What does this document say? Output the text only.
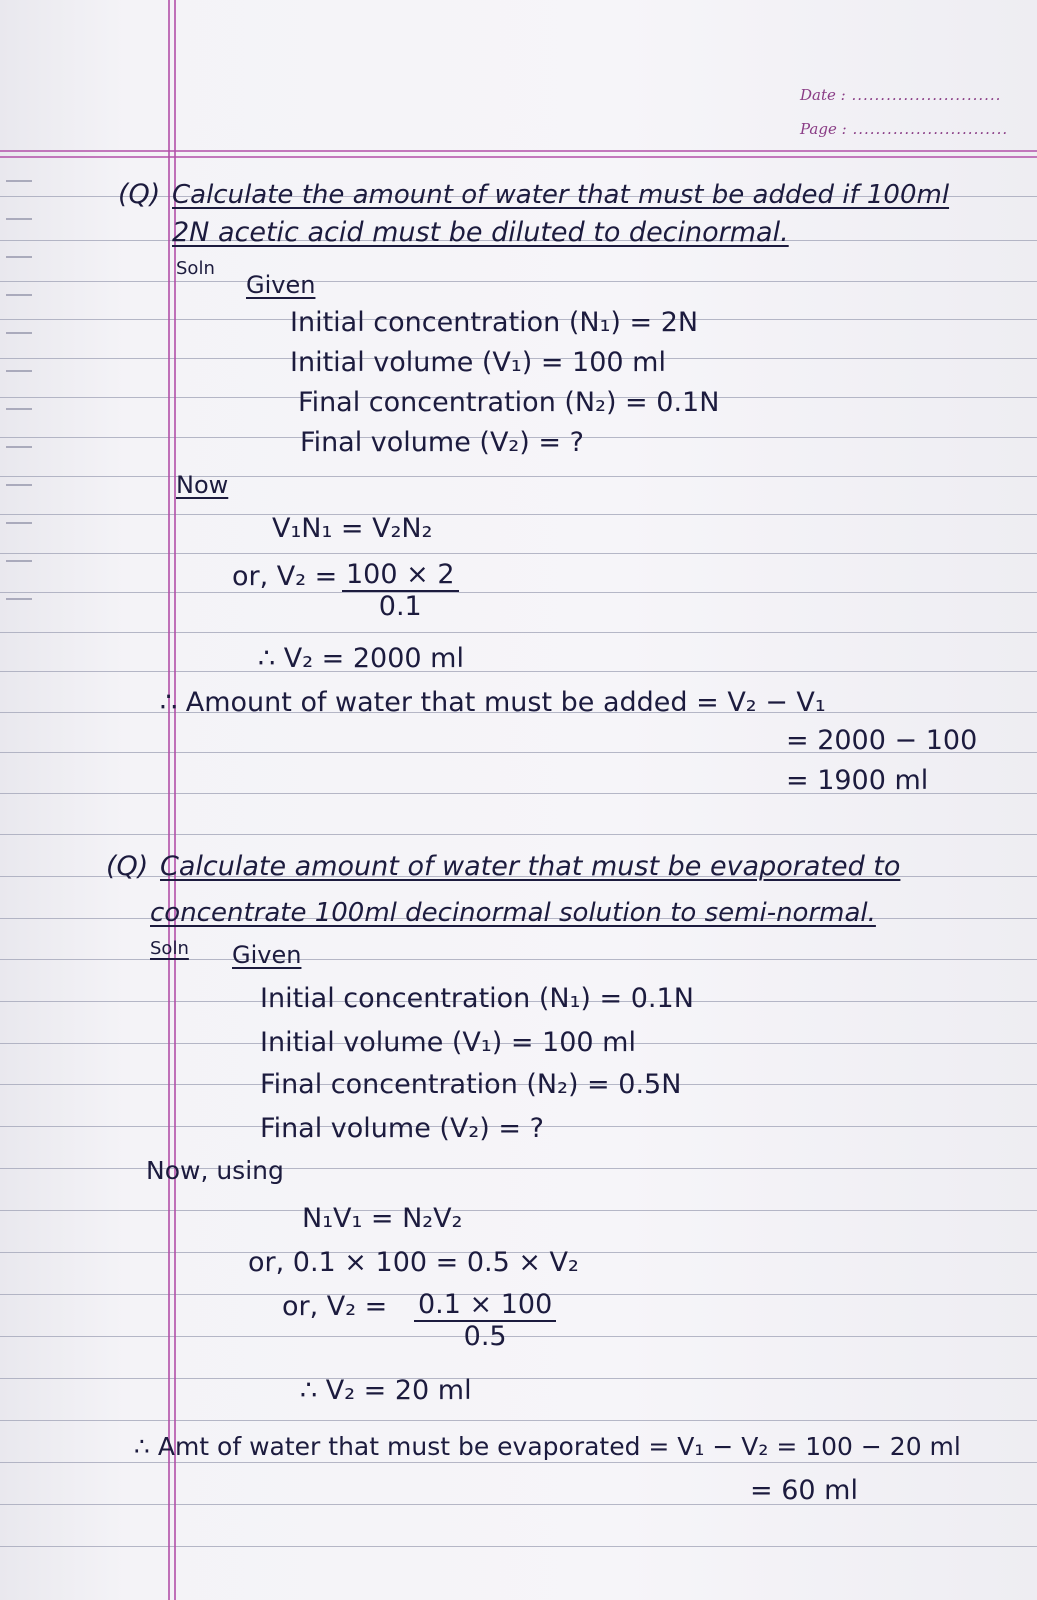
Date : ..........................
Page : ...........................
(Q) Calculate the amount of water that must be added if 100ml
2N acetic acid must be diluted to decinormal.
Soln
Given
Initial concentration (N₁) = 2N
Initial volume (V₁) = 100 ml
Final concentration (N₂) = 0.1N
Final volume (V₂) = ?
Now
V₁N₁ = V₂N₂
or, $V_2 = \frac{100 \times 2}{0.1}$
∴ V₂ = 2000 ml
∴ Amount of water that must be added = V₂ − V₁
= 2000 − 100
= 1900 ml
(Q) Calculate amount of water that must be evaporated to
concentrate 100ml decinormal solution to semi-normal.
Soln Given
Initial concentration (N₁) = 0.1N
Initial volume (V₁) = 100 ml
Final concentration (N₂) = 0.5N
Final volume (V₂) = ?
Now, using
N₁V₁ = N₂V₂
or, 0.1 × 100 = 0.5 × V₂
or, $V_2 = \frac{0.1 \times 100}{0.5}$
∴ V₂ = 20 ml
∴ Amt of water that must be evaporated = V₁ − V₂ = 100 − 20 ml
= 60 ml
